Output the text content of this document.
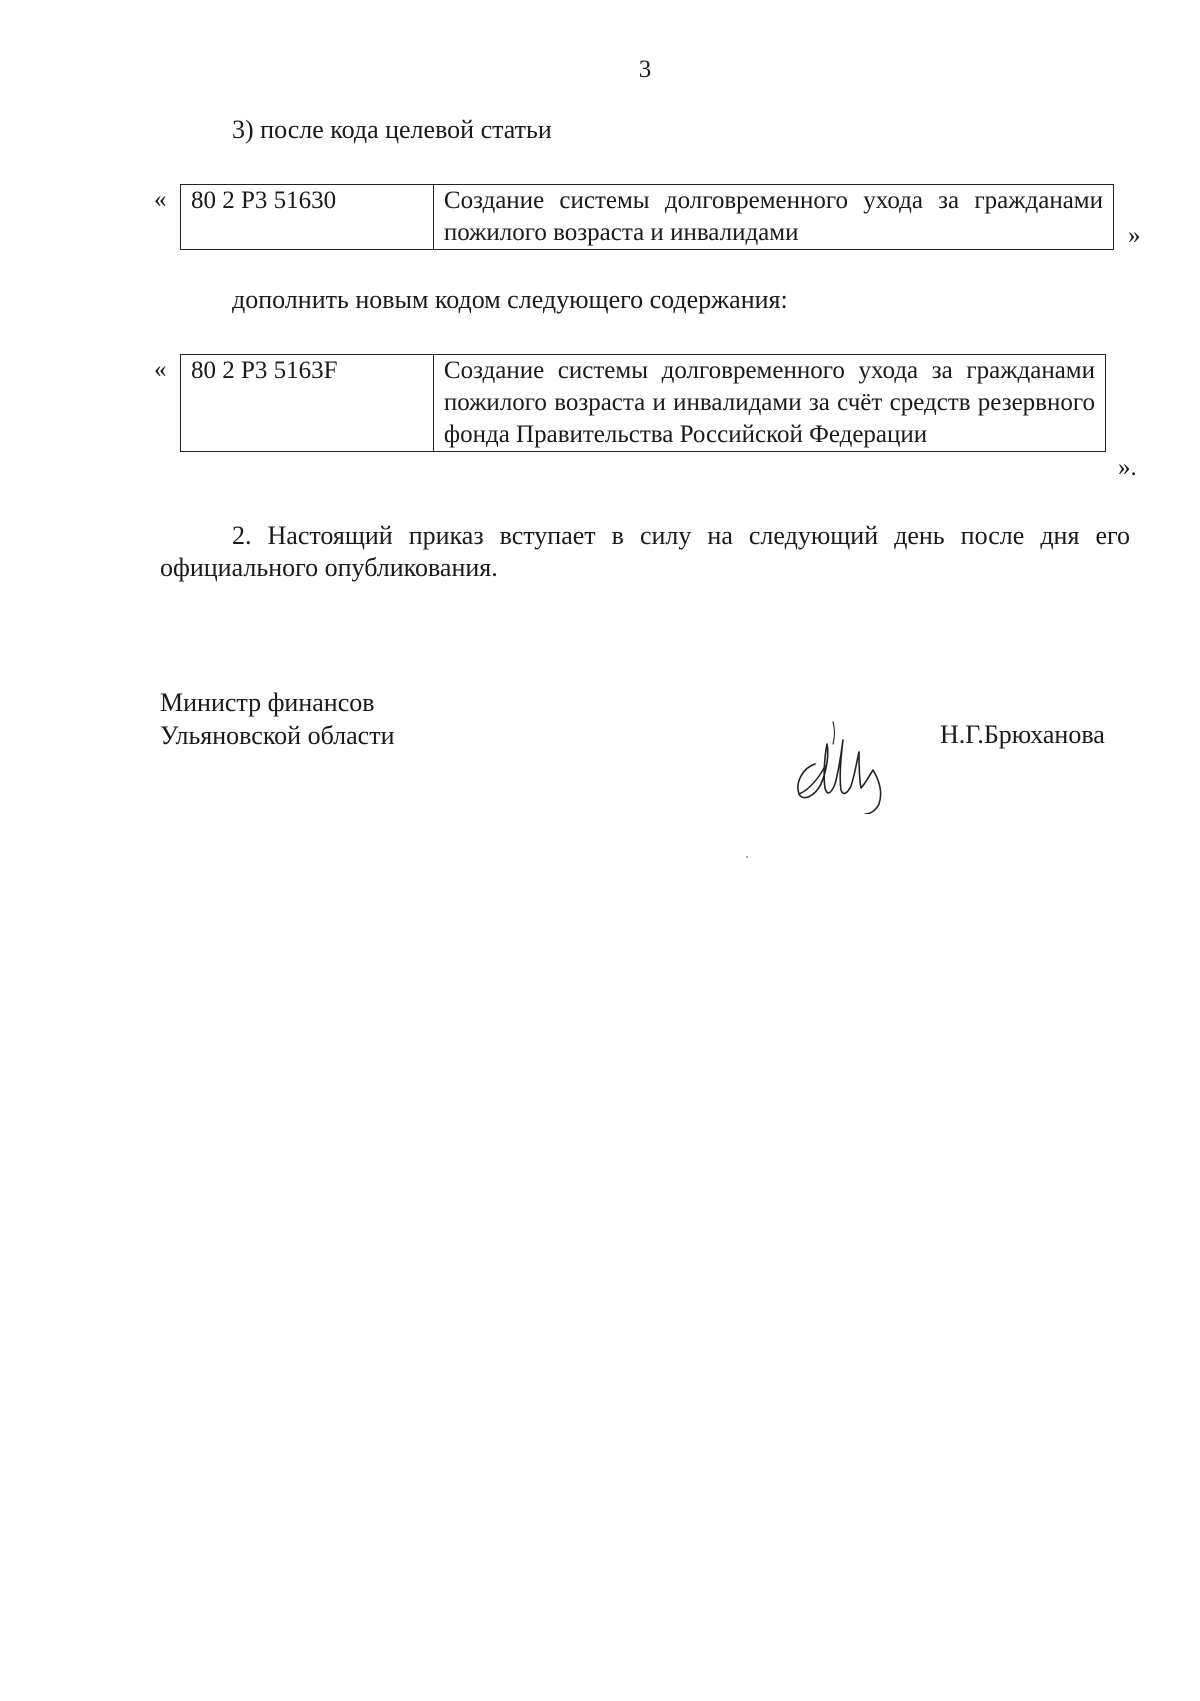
3
3) после кода целевой статьи
« 80 2 Р3 51630	Создание системы долговременного ухода за гражданами пожилого возраста и инвалидами	»
дополнить новым кодом следующего содержания:
« 80 2 Р3 5163F	Создание системы долговременного ухода за гражданами пожилого возраста и инвалидами за счёт средств резервного фонда Правительства Российской Федерации
».
2. Настоящий приказ вступает в силу на следующий день после дня его официального опубликования.
Министр финансов
Ульяновской области	Н.Г.Брюханова
